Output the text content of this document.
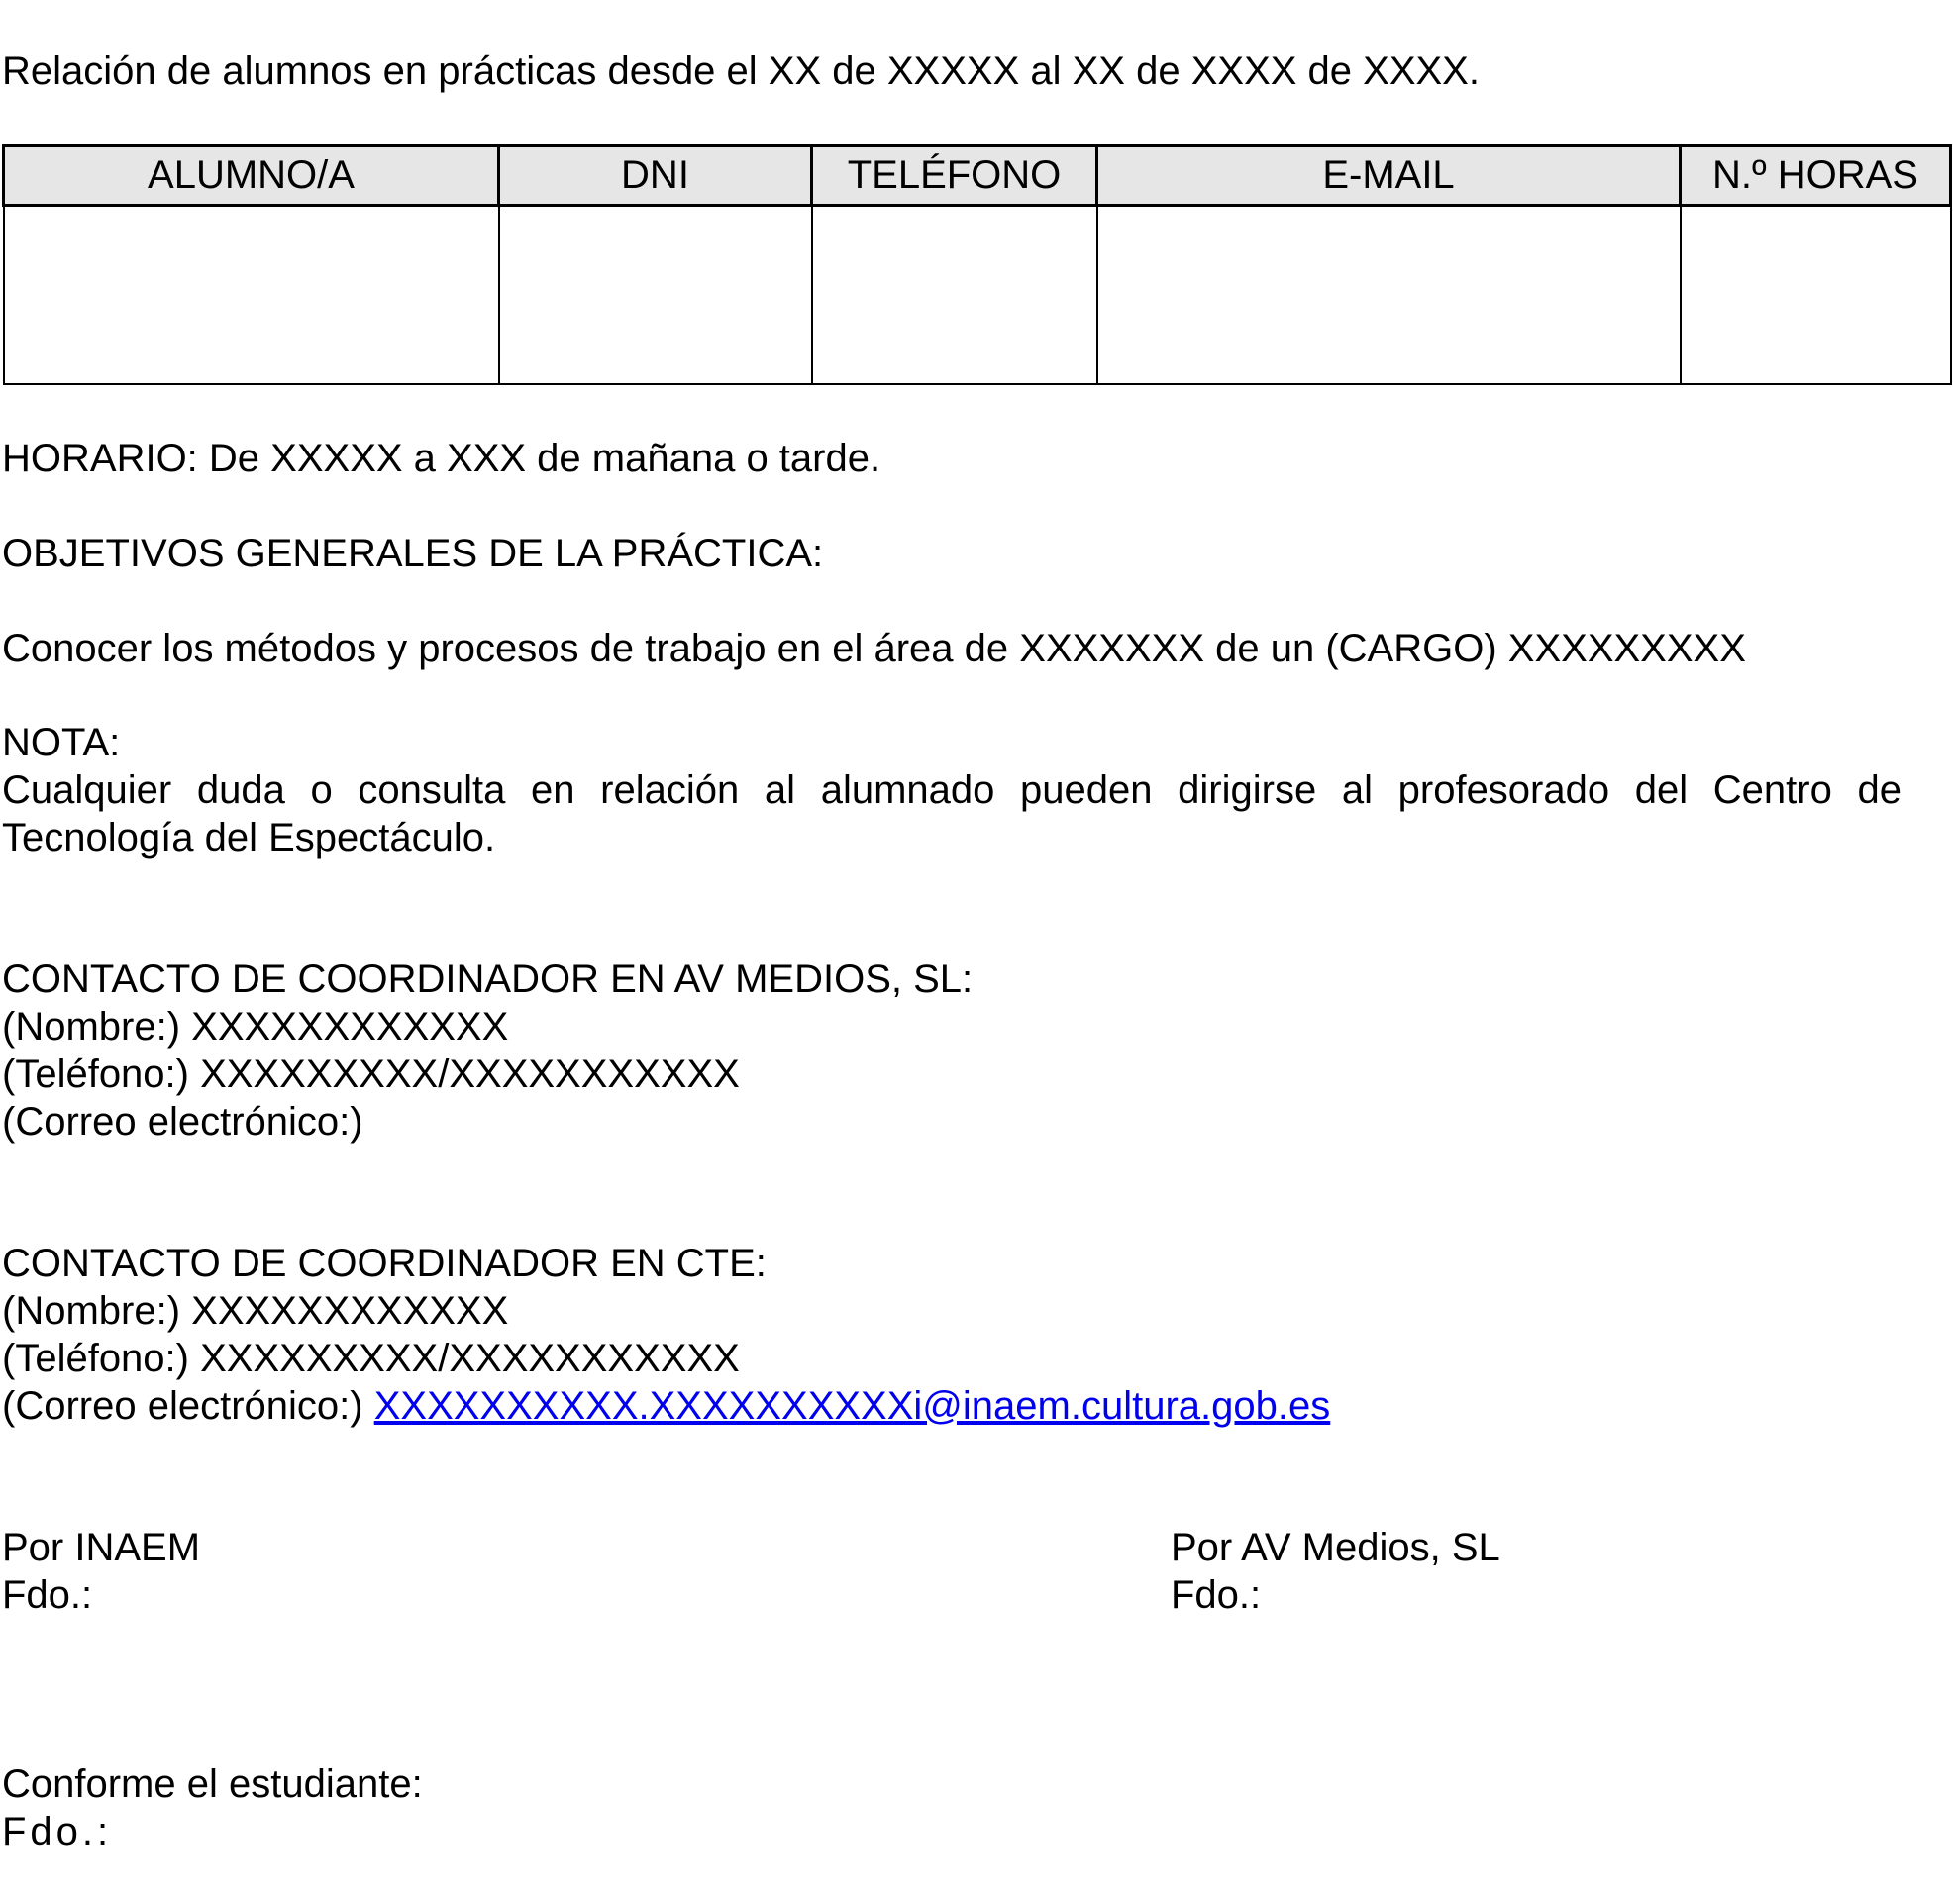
Relación de alumnos en prácticas desde el XX de XXXXX al XX de XXXX de XXXX.
ALUMNO/A	DNI	TELÉFONO	E-MAIL	N.º HORAS

HORARIO: De XXXXX a XXX de mañana o tarde.
OBJETIVOS GENERALES DE LA PRÁCTICA:
Conocer los métodos y procesos de trabajo en el área de XXXXXXX de un (CARGO) XXXXXXXXX
NOTA:
Cualquier duda o consulta en relación al alumnado pueden dirigirse al profesorado del Centro de Tecnología del Espectáculo.
CONTACTO DE COORDINADOR EN AV MEDIOS, SL:
(Nombre:) XXXXXXXXXXXX
(Teléfono:) XXXXXXXXX/XXXXXXXXXXX
(Correo electrónico:)
CONTACTO DE COORDINADOR EN CTE:
(Nombre:) XXXXXXXXXXXX
(Teléfono:) XXXXXXXXX/XXXXXXXXXXX
(Correo electrónico:) XXXXXXXXXX.XXXXXXXXXXi@inaem.cultura.gob.es
Por INAEM
Fdo.:
Por AV Medios, SL
Fdo.:
Conforme el estudiante:
Fdo.:
